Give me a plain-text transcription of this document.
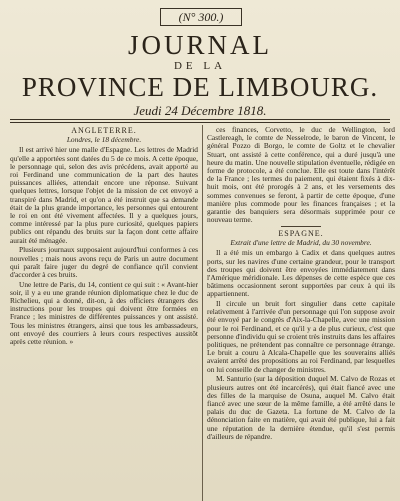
(N° 300.)
JOURNAL
DE LA
PROVINCE DE LIMBOURG.
Jeudi 24 Décembre 1818.
ANGLETERRE.
Londres, le 18 décembre.

Il est arrivé hier une malle d'Espagne. Les lettres de Madrid qu'elle a apportées sont datées du 5 de ce mois. A cette époque, le personnage qui, selon des avis précédens, avait apporté au roi Ferdinand une communication de la part des hautes puissances alliées, attendait encore une réponse. Suivant quelques lettres, lorsque l'objet de la mission de cet envoyé a transpiré dans Madrid, et qu'on a été instruit que sa demande était de la plus grande importance, les personnes qui entourent le roi en ont été vivement affectées. Il y a quelques jours, comme intéressé par la plus pure curiosité, quelques papiers publics ont répandu des bruits sur la façon dont cette affaire aurait été ménagée.

Plusieurs journaux supposaient aujourd'hui conformes à ces nouvelles ; mais nous avons reçu de Paris un autre document qui paraît faire juger du degré de confiance qu'il convient d'accorder à ces bruits.

Une lettre de Paris, du 14, contient ce qui suit : « Avant-hier soir, il y a eu une grande réunion diplomatique chez le duc de Richelieu, qui a donné, dit-on, à des officiers étrangers des instructions pour les troupes qui doivent être formées en France ; les ministres de différentes puissances y ont assisté. Tous les ministres étrangers, ainsi que tous les ambassadeurs, ont envoyé des courriers à leurs cours respectives aussitôt après cette réunion. »

ces finances, Corvetto, le duc de Wellington, lord Castlereagh, le comte de Nesselrode, le baron de Vincent, le général Pozzo di Borgo, le comte de Goltz et le chevalier Stuart, ont assisté à cette conférence, qui a duré jusqu'à une heure du matin. Une nouvelle stipulation éventuelle, rédigée en forme de protocole, a été conclue. Elle est toute dans l'intérêt de la France ; les termes du paiement, qui étaient fixés à dix-huit mois, ont été prorogés à 2 ans, et les versements des sommes convenues se feront, à partir de cette époque, d'une manière plus commode pour les finances françaises ; et la garantie des banquiers sera désormais supprimée pour ce nouveau terme.

ESPAGNE.
Extrait d'une lettre de Madrid, du 30 novembre.

Il a été mis un embargo à Cadix et dans quelques autres ports, sur les navires d'une certaine grandeur, pour le transport des troupes qui doivent être envoyées immédiatement dans l'Amérique méridionale. Les dépenses de cette espèce que ces bâtimens occasionnent seront supportées par ceux à qui ils appartiennent.

Il circule un bruit fort singulier dans cette capitale relativement à l'arrivée d'un personnage qui l'on suppose avoir été envoyé par le congrès d'Aix-la-Chapelle, avec une mission pour le roi Ferdinand, et ce qu'il y a de plus curieux, c'est que personne d'individu qui se croient très instruits dans les affaires politiques, ne prétendent pas connaître ce personnage étrange. Le bruit a couru à Alcala-Chapelle que les souverains alliés avaient arrêté des propositions au roi Ferdinand, par lesquelles on lui conseille de changer de ministres.

M. Santurio (sur la déposition duquel M. Calvo de Rozas et plusieurs autres ont été incarcérés), qui était fiancé avec une des filles de la marquise de Osuna, auquel M. Calvo était fiancé avec une sœur de la même famille, a été arrêté dans le palais du duc de Gazeta. La fortune de M. Calvo de la dénonciation faite en matière, qui avait été publique, lui a fait une réputation de la dernière étendue, qu'il s'est permis d'ailleurs de répandre.
